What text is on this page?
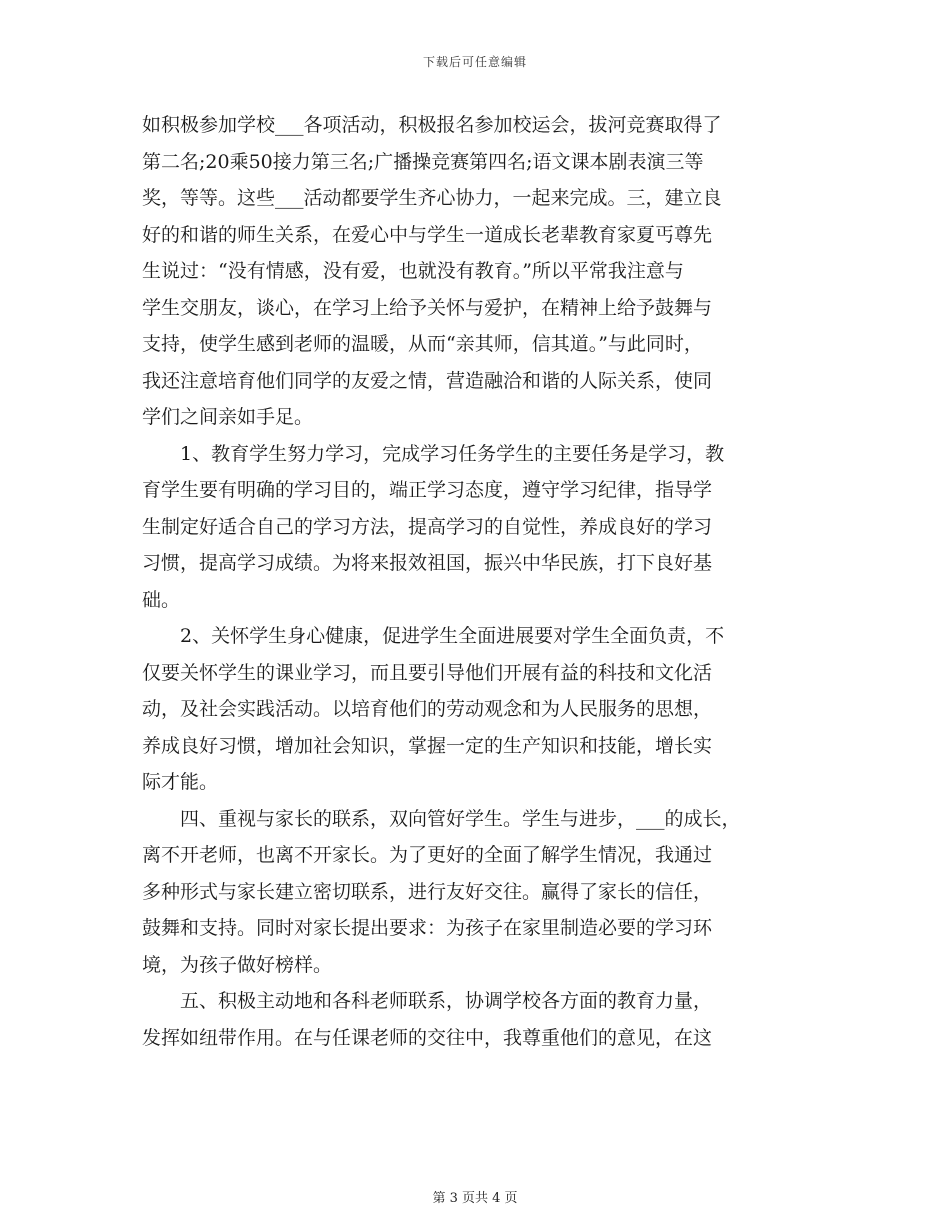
下载后可任意编辑
如积极参加学校___各项活动，积极报名参加校运会，拔河竞赛取得了
第二名;20乘50接力第三名;广播操竞赛第四名;语文课本剧表演三等
奖，等等。这些___活动都要学生齐心协力，一起来完成。三，建立良
好的和谐的师生关系，在爱心中与学生一道成长老辈教育家夏丐尊先
生说过：“没有情感，没有爱，也就没有教育。”所以平常我注意与
学生交朋友，谈心，在学习上给予关怀与爱护，在精神上给予鼓舞与
支持，使学生感到老师的温暖，从而“亲其师，信其道。”与此同时，
我还注意培育他们同学的友爱之情，营造融洽和谐的人际关系，使同
学们之间亲如手足。
1、教育学生努力学习，完成学习任务学生的主要任务是学习，教
育学生要有明确的学习目的，端正学习态度，遵守学习纪律，指导学
生制定好适合自己的学习方法，提高学习的自觉性，养成良好的学习
习惯，提高学习成绩。为将来报效祖国，振兴中华民族，打下良好基
础。
2、关怀学生身心健康，促进学生全面进展要对学生全面负责，不
仅要关怀学生的课业学习，而且要引导他们开展有益的科技和文化活
动，及社会实践活动。以培育他们的劳动观念和为人民服务的思想，
养成良好习惯，增加社会知识，掌握一定的生产知识和技能，增长实
际才能。
四、重视与家长的联系，双向管好学生。学生与进步，___的成长，
离不开老师，也离不开家长。为了更好的全面了解学生情况，我通过
多种形式与家长建立密切联系，进行友好交往。赢得了家长的信任，
鼓舞和支持。同时对家长提出要求：为孩子在家里制造必要的学习环
境，为孩子做好榜样。
五、积极主动地和各科老师联系，协调学校各方面的教育力量，
发挥如纽带作用。在与任课老师的交往中，我尊重他们的意见，在这
第 3 页共 4 页
